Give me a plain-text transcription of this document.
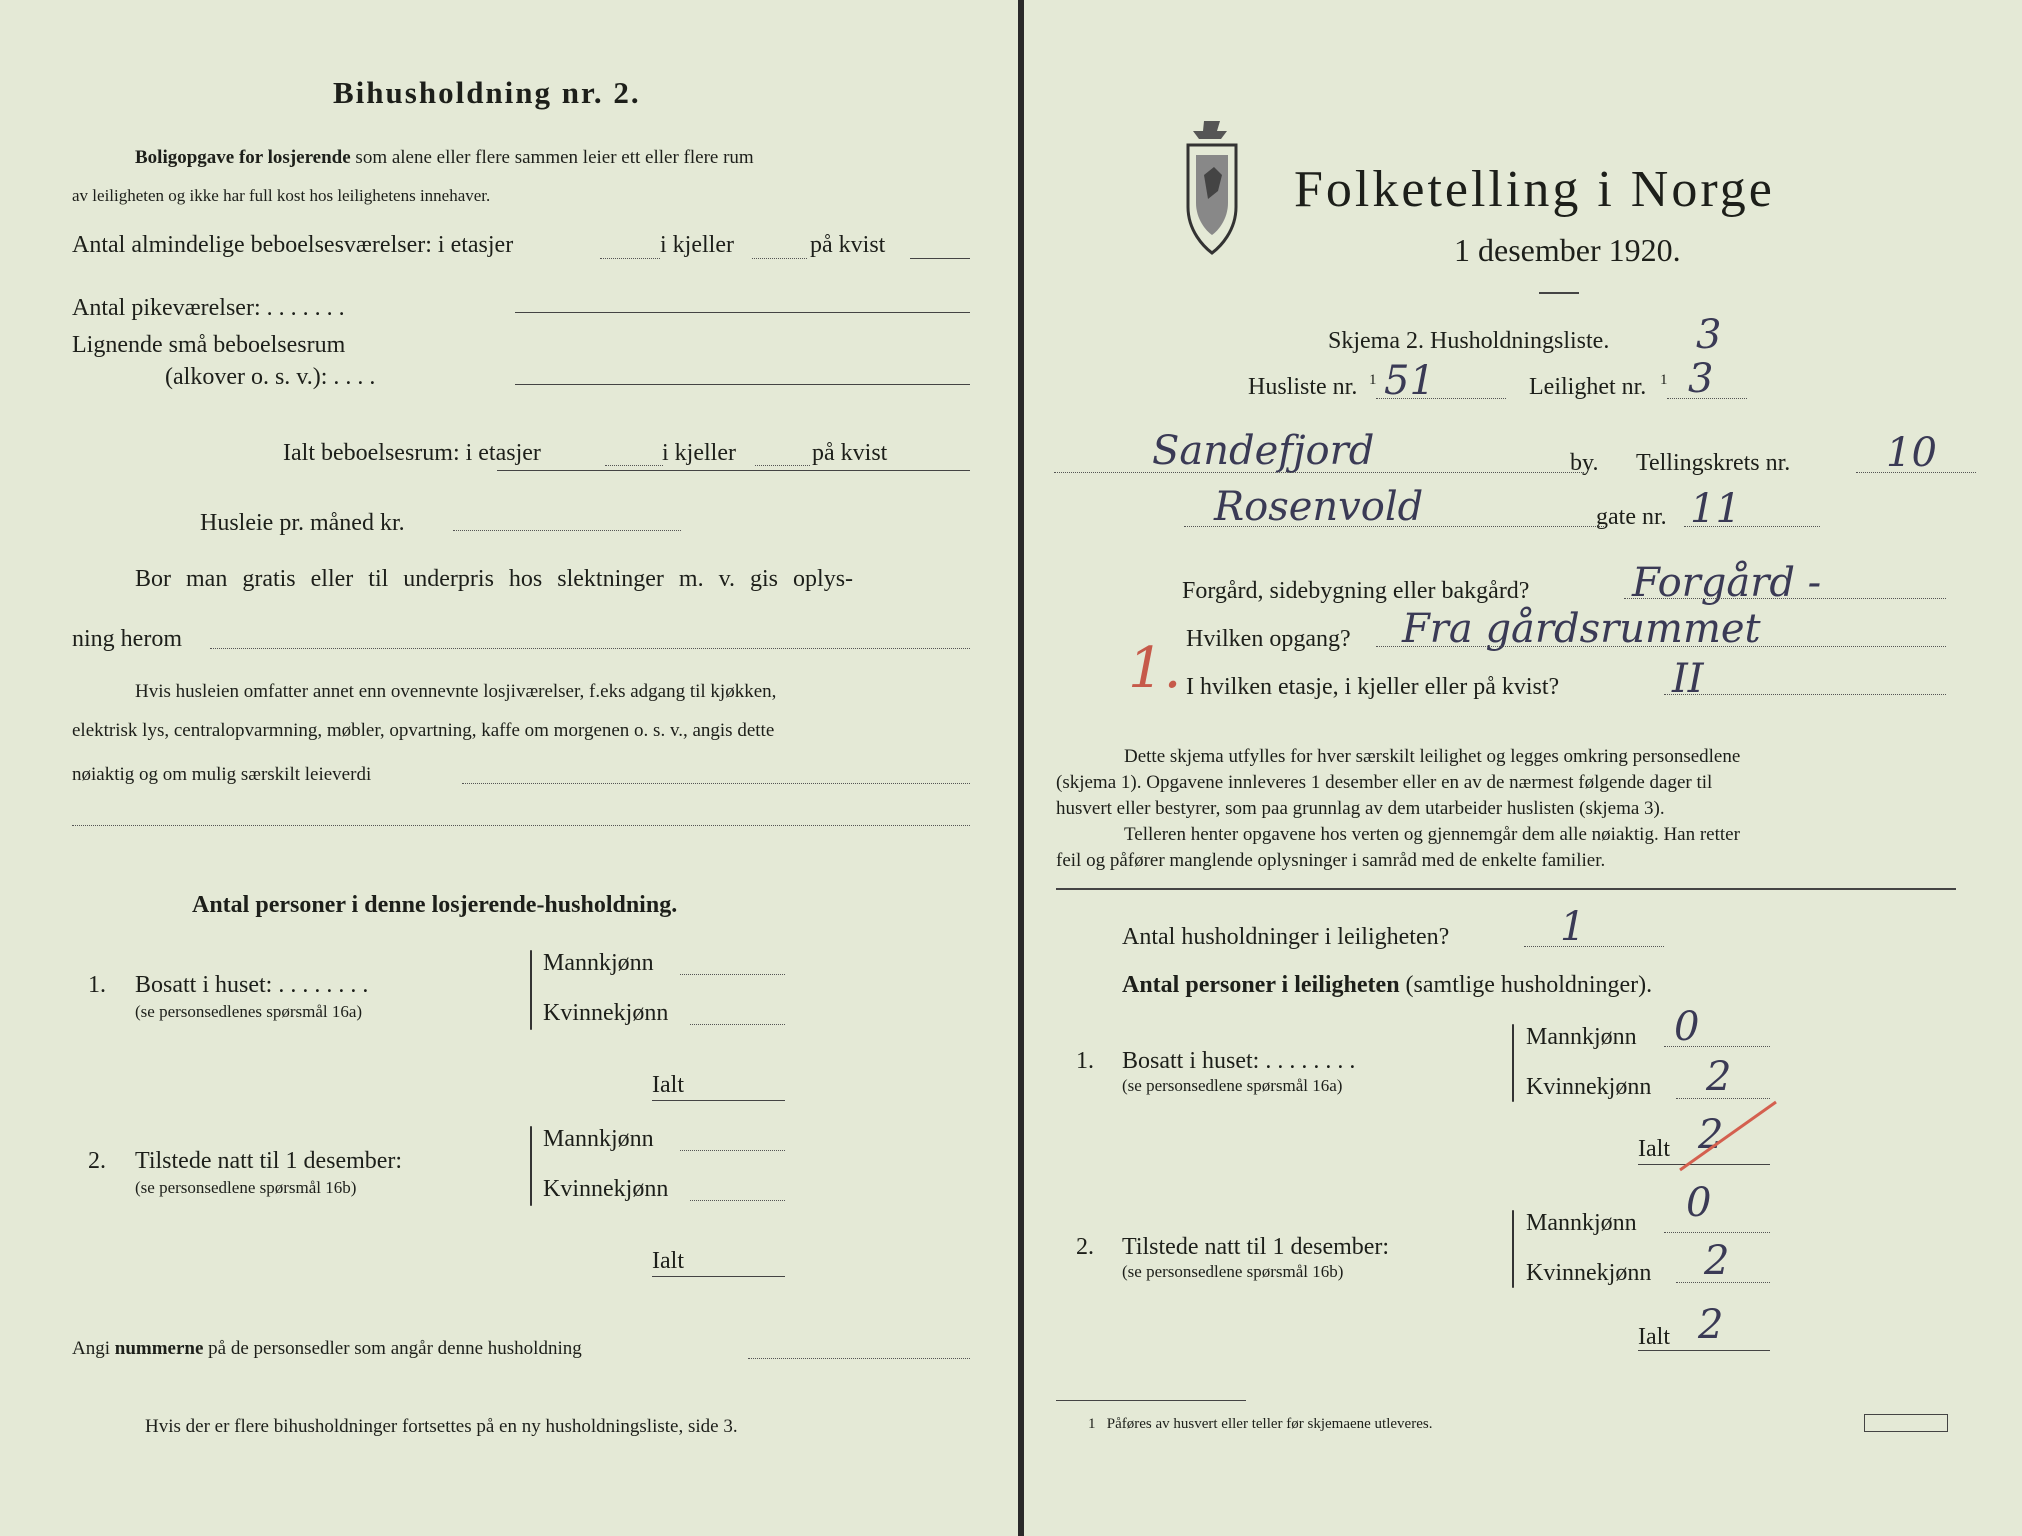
Bihusholdning nr. 2.
Boligopgave for losjerende som alene eller flere sammen leier ett eller flere rum
av leiligheten og ikke har full kost hos leilighetens innehaver.
Antal almindelige beboelsesværelser: i etasjer	i kjeller	på kvist
Antal pikeværelser: . . . . . . .
Lignende små beboelsesrum
(alkover o. s. v.): . . . .
Ialt beboelsesrum: i etasjer	i kjeller	på kvist
Husleie pr. måned kr.
Bor man gratis eller til underpris hos slektninger m. v. gis oplys-
ning herom
Hvis husleien omfatter annet enn ovennevnte losjiværelser, f.eks adgang til kjøkken,
elektrisk lys, centralopvarmning, møbler, opvartning, kaffe om morgenen o. s. v., angis dette
nøiaktig og om mulig særskilt leieverdi
Antal personer i denne losjerende-husholdning.
1. Bosatt i huset: . . . . . . . .
(se personsedlenes spørsmål 16a)
Mannkjønn
Kvinnekjønn
Ialt
2. Tilstede natt til 1 desember:
(se personsedlene spørsmål 16b)
Mannkjønn
Kvinnekjønn
Ialt
Angi nummerne på de personsedler som angår denne husholdning
Hvis der er flere bihusholdninger fortsettes på en ny husholdningsliste, side 3.
Folketelling i Norge
1 desember 1920.
Skjema 2. Husholdningsliste. 3
Husliste nr. 1 51	Leilighet nr. 1 3
Sandefjord	by. Tellingskrets nr. 10
Rosenvold	gate nr. 11
1.
Forgård, sidebygning eller bakgård?	Forgård -
Hvilken opgang? Fra gårdsrummet
I hvilken etasje, i kjeller eller på kvist?	II
Dette skjema utfylles for hver særskilt leilighet og legges omkring personsedlene
(skjema 1). Opgavene innleveres 1 desember eller en av de nærmest følgende dager til
husvert eller bestyrer, som paa grunnlag av dem utarbeider huslisten (skjema 3).
Telleren henter opgavene hos verten og gjennemgår dem alle nøiaktig. Han retter
feil og påfører manglende oplysninger i samråd med de enkelte familier.
Antal husholdninger i leiligheten?	1
Antal personer i leiligheten (samtlige husholdninger).
1. Bosatt i huset: . . . . . . . .
(se personsedlene spørsmål 16a)
Mannkjønn 0
Kvinnekjønn 2
Ialt 2
2. Tilstede natt til 1 desember:
(se personsedlene spørsmål 16b)
Mannkjønn 0
Kvinnekjønn 2
Ialt 2
1 Påføres av husvert eller teller før skjemaene utleveres.
